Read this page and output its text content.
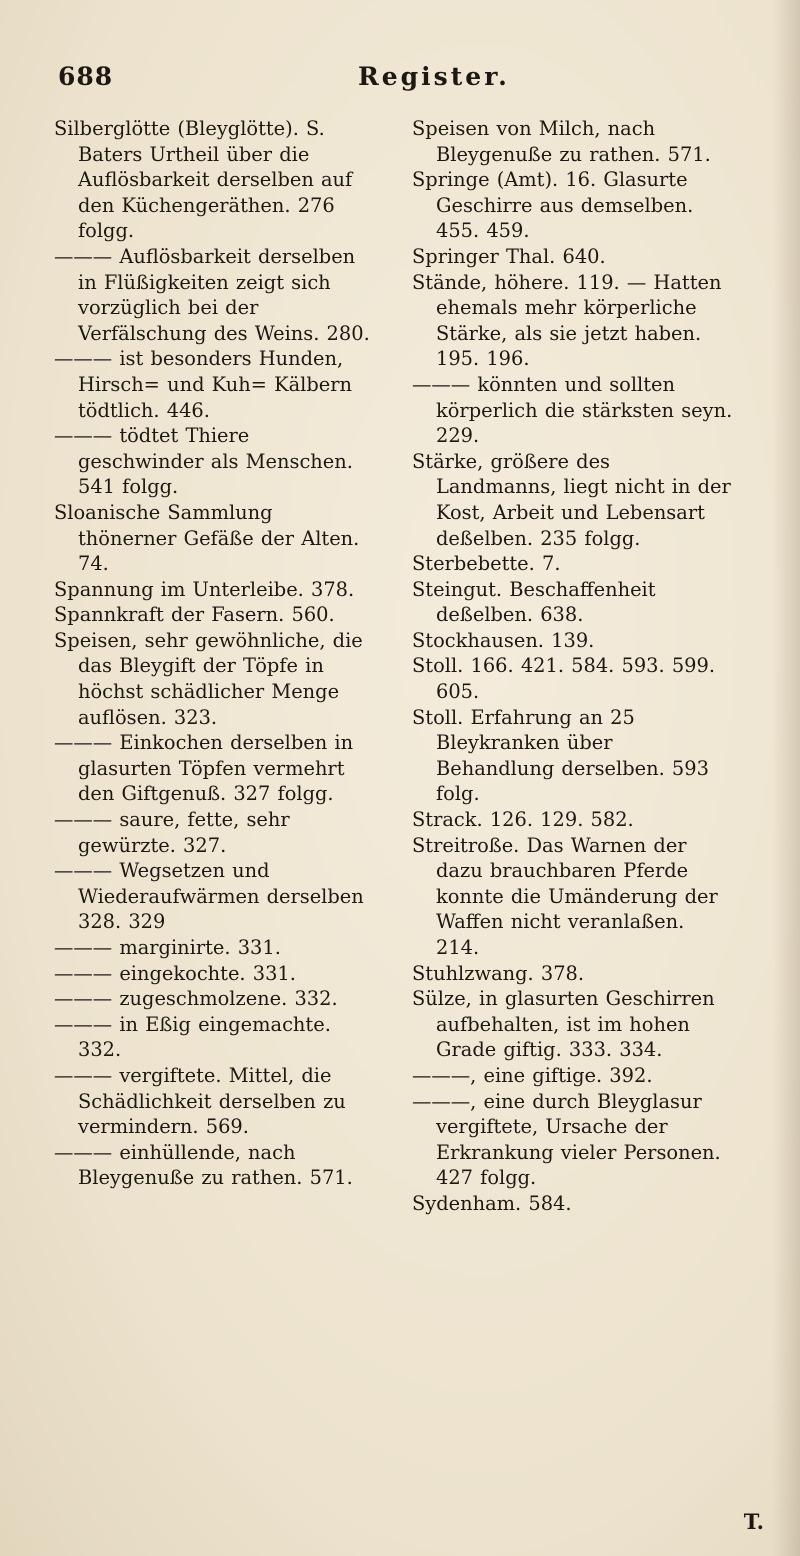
688	Register.

Silberglötte (Bleyglötte). S. Baters Urtheil über die Auflösbarkeit derselben auf den Küchengeräthen. 276 folgg.

——— Auflösbarkeit derselben in Flüßigkeiten zeigt sich vorzüglich bei der Verfälschung des Weins. 280.

——— ist besonders Hunden, Hirsch= und Kuh= Kälbern tödtlich. 446.

——— tödtet Thiere geschwinder als Menschen. 541 folgg.

Sloanische Sammlung thönerner Gefäße der Alten. 74.

Spannung im Unterleibe. 378.

Spannkraft der Fasern. 560.

Speisen, sehr gewöhnliche, die das Bleygift der Töpfe in höchst schädlicher Menge auflösen. 323.

——— Einkochen derselben in glasurten Töpfen vermehrt den Giftgenuß. 327 folgg.

——— saure, fette, sehr gewürzte. 327.

——— Wegsetzen und Wiederaufwärmen derselben 328. 329

——— marginirte. 331.

——— eingekochte. 331.

——— zugeschmolzene. 332.

——— in Eßig eingemachte. 332.

——— vergiftete. Mittel, die Schädlichkeit derselben zu vermindern. 569.

——— einhüllende, nach Bleygenuße zu rathen. 571.

Speisen von Milch, nach Bleygenuße zu rathen. 571.

Springe (Amt). 16. Glasurte Geschirre aus demselben. 455. 459.

Springer Thal. 640.

Stände, höhere. 119. — Hatten ehemals mehr körperliche Stärke, als sie jetzt haben. 195. 196.

——— könnten und sollten körperlich die stärksten seyn. 229.

Stärke, größere des Landmanns, liegt nicht in der Kost, Arbeit und Lebensart deßelben. 235 folgg.

Sterbebette. 7.

Steingut. Beschaffenheit deßelben. 638.

Stockhausen. 139.

Stoll. 166. 421. 584. 593. 599. 605.

Stoll. Erfahrung an 25 Bleykranken über Behandlung derselben. 593 folg.

Strack. 126. 129. 582.

Streitroße. Das Warnen der dazu brauchbaren Pferde konnte die Umänderung der Waffen nicht veranlaßen. 214.

Stuhlzwang. 378.

Sülze, in glasurten Geschirren aufbehalten, ist im hohen Grade giftig. 333. 334.

———, eine giftige. 392.

———, eine durch Bleyglasur vergiftete, Ursache der Erkrankung vieler Personen. 427 folgg.

Sydenham. 584.

T.
